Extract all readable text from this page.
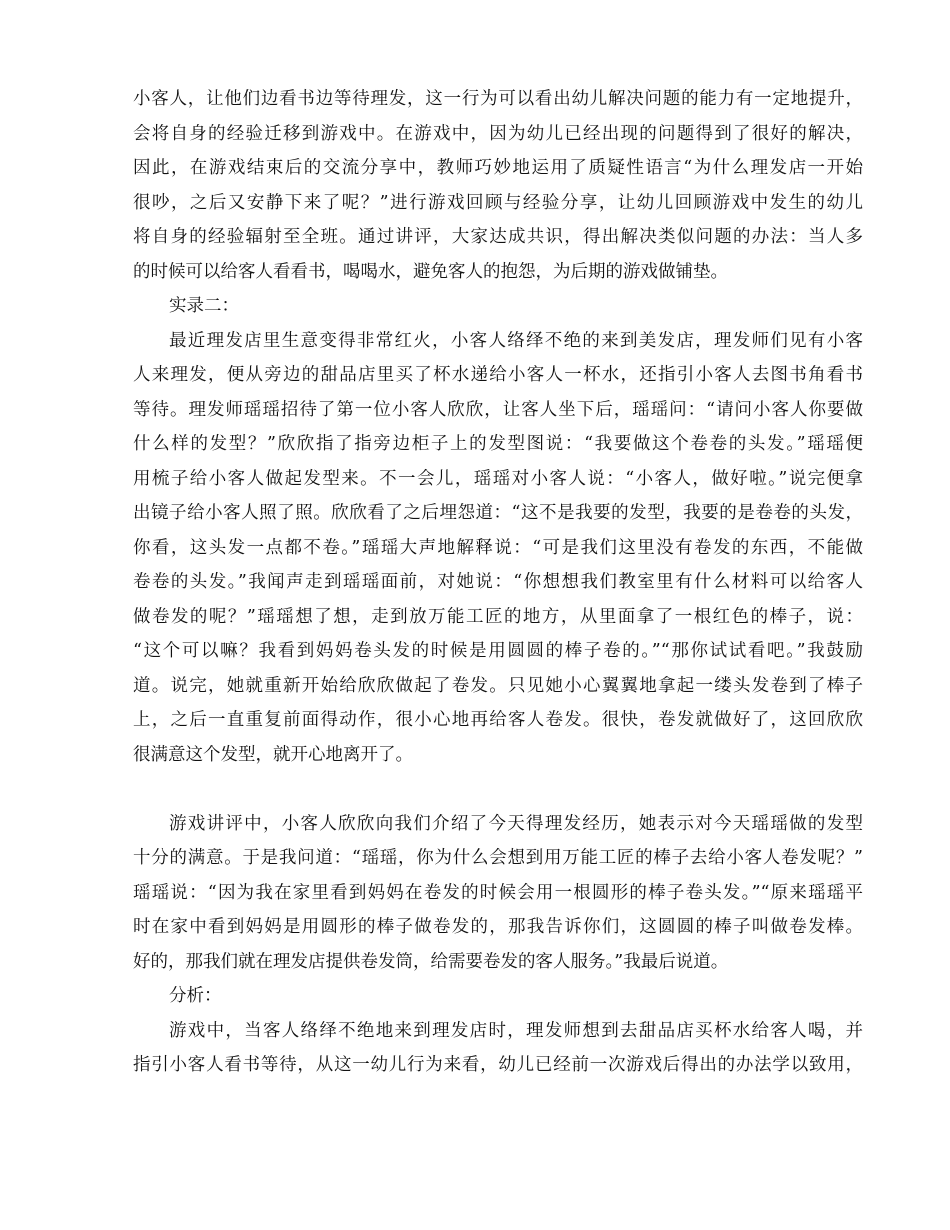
小客人，让他们边看书边等待理发，这一行为可以看出幼儿解决问题的能力有一定地提升，
会将自身的经验迁移到游戏中。在游戏中，因为幼儿已经出现的问题得到了很好的解决，
因此，在游戏结束后的交流分享中，教师巧妙地运用了质疑性语言“为什么理发店一开始
很吵，之后又安静下来了呢？”进行游戏回顾与经验分享，让幼儿回顾游戏中发生的幼儿
将自身的经验辐射至全班。通过讲评，大家达成共识，得出解决类似问题的办法：当人多
的时候可以给客人看看书，喝喝水，避免客人的抱怨，为后期的游戏做铺垫。
实录二：
最近理发店里生意变得非常红火，小客人络绎不绝的来到美发店，理发师们见有小客
人来理发，便从旁边的甜品店里买了杯水递给小客人一杯水，还指引小客人去图书角看书
等待。理发师瑶瑶招待了第一位小客人欣欣，让客人坐下后，瑶瑶问：“请问小客人你要做
什么样的发型？”欣欣指了指旁边柜子上的发型图说：“我要做这个卷卷的头发。”瑶瑶便
用梳子给小客人做起发型来。不一会儿，瑶瑶对小客人说：“小客人，做好啦。”说完便拿
出镜子给小客人照了照。欣欣看了之后埋怨道：“这不是我要的发型，我要的是卷卷的头发，
你看，这头发一点都不卷。”瑶瑶大声地解释说：“可是我们这里没有卷发的东西，不能做
卷卷的头发。”我闻声走到瑶瑶面前，对她说：“你想想我们教室里有什么材料可以给客人
做卷发的呢？”瑶瑶想了想，走到放万能工匠的地方，从里面拿了一根红色的棒子，说：
“这个可以嘛？我看到妈妈卷头发的时候是用圆圆的棒子卷的。”“那你试试看吧。”我鼓励
道。说完，她就重新开始给欣欣做起了卷发。只见她小心翼翼地拿起一缕头发卷到了棒子
上，之后一直重复前面得动作，很小心地再给客人卷发。很快，卷发就做好了，这回欣欣
很满意这个发型，就开心地离开了。
游戏讲评中，小客人欣欣向我们介绍了今天得理发经历，她表示对今天瑶瑶做的发型
十分的满意。于是我问道：“瑶瑶，你为什么会想到用万能工匠的棒子去给小客人卷发呢？”
瑶瑶说：“因为我在家里看到妈妈在卷发的时候会用一根圆形的棒子卷头发。”“原来瑶瑶平
时在家中看到妈妈是用圆形的棒子做卷发的，那我告诉你们，这圆圆的棒子叫做卷发棒。
好的，那我们就在理发店提供卷发筒，给需要卷发的客人服务。”我最后说道。
分析：
游戏中，当客人络绎不绝地来到理发店时，理发师想到去甜品店买杯水给客人喝，并
指引小客人看书等待，从这一幼儿行为来看，幼儿已经前一次游戏后得出的办法学以致用，
